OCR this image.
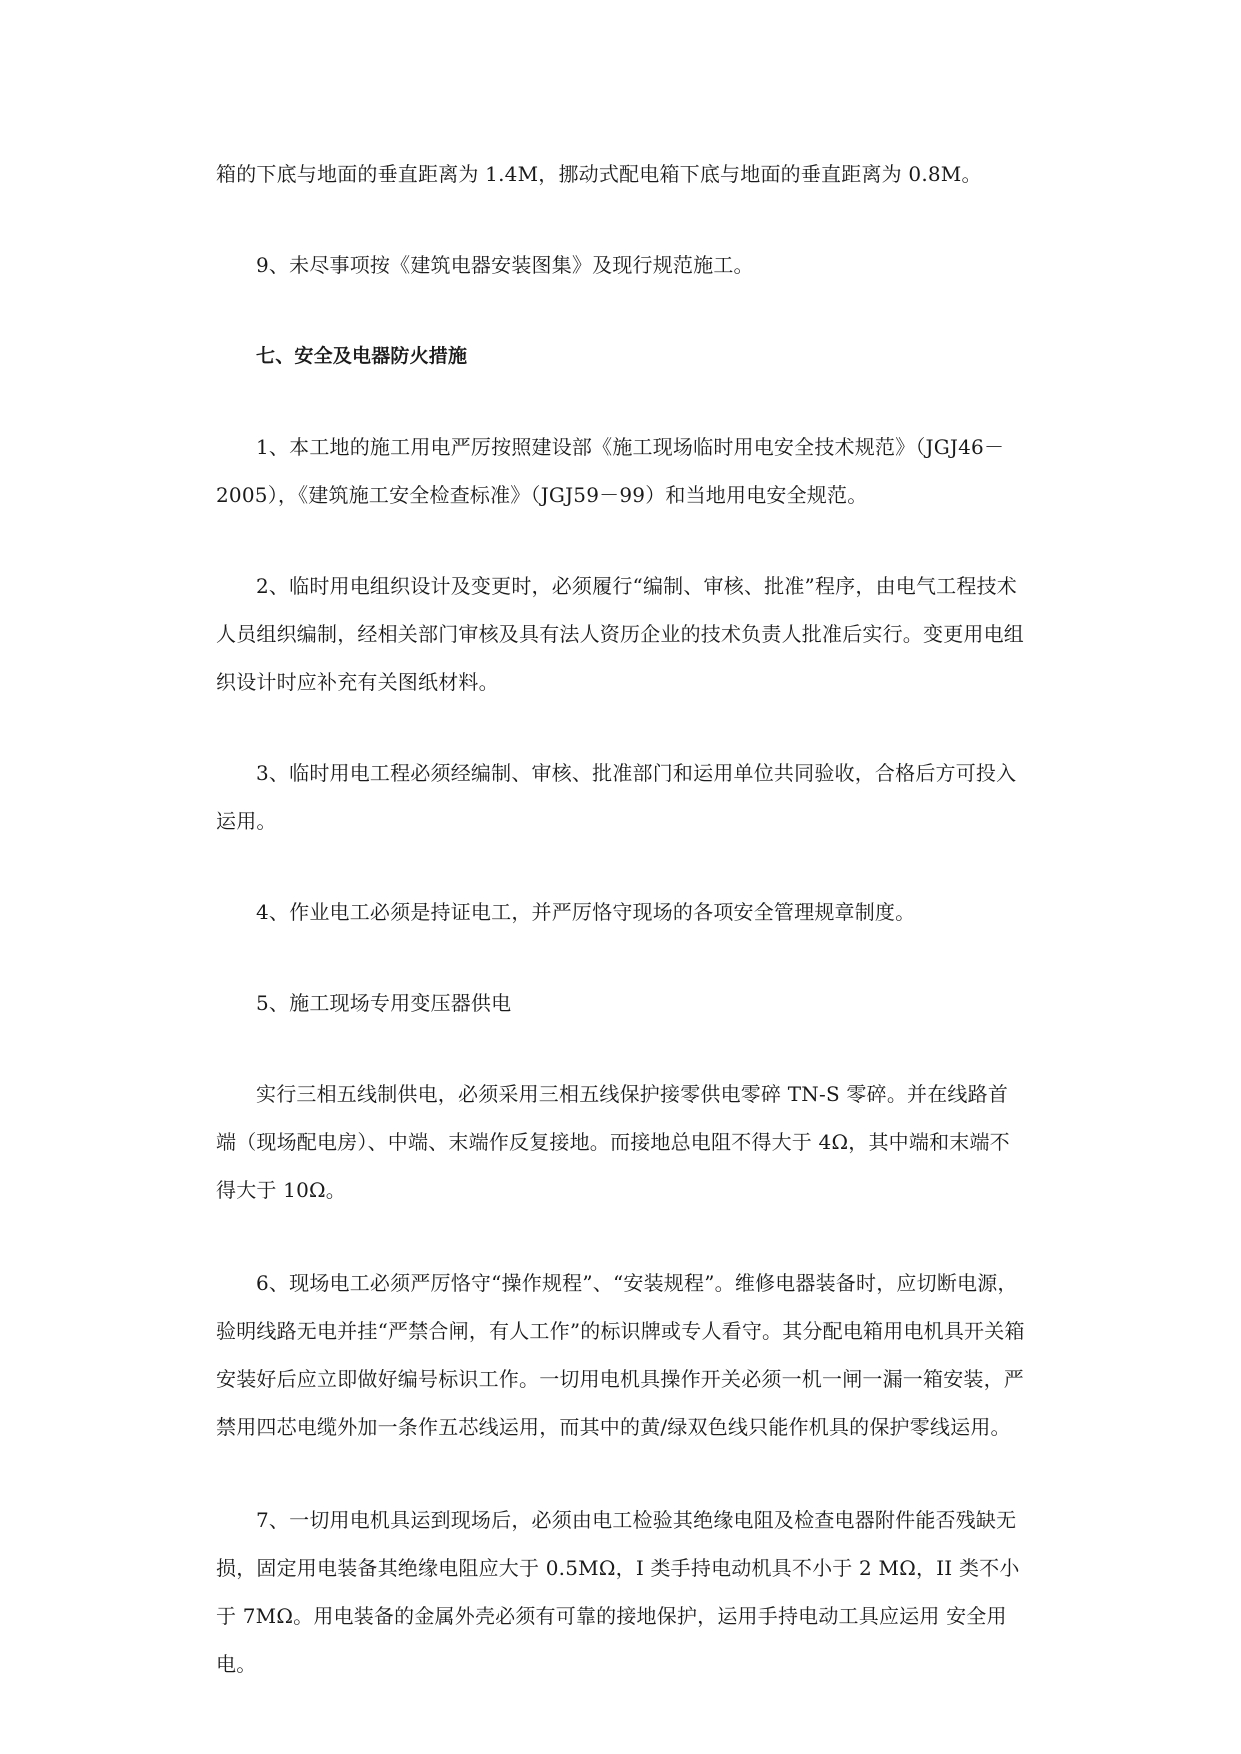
箱的下底与地面的垂直距离为 1.4M，挪动式配电箱下底与地面的垂直距离为 0.8M。

9、未尽事项按《建筑电器安装图集》及现行规范施工。

七、安全及电器防火措施

1、本工地的施工用电严厉按照建设部《施工现场临时用电安全技术规范》（JGJ46－2005），《建筑施工安全检查标准》（JGJ59－99）和当地用电安全规范。

2、临时用电组织设计及变更时，必须履行“编制、审核、批准”程序，由电气工程技术人员组织编制，经相关部门审核及具有法人资历企业的技术负责人批准后实行。变更用电组织设计时应补充有关图纸材料。

3、临时用电工程必须经编制、审核、批准部门和运用单位共同验收，合格后方可投入运用。

4、作业电工必须是持证电工，并严厉恪守现场的各项安全管理规章制度。

5、施工现场专用变压器供电

实行三相五线制供电，必须采用三相五线保护接零供电零碎 TN-S 零碎。并在线路首端（现场配电房）、中端、末端作反复接地。而接地总电阻不得大于 4Ω，其中端和末端不得大于 10Ω。

6、现场电工必须严厉恪守“操作规程”、“安装规程”。维修电器装备时，应切断电源，验明线路无电并挂“严禁合闸，有人工作”的标识牌或专人看守。其分配电箱用电机具开关箱安装好后应立即做好编号标识工作。一切用电机具操作开关必须一机一闸一漏一箱安装，严禁用四芯电缆外加一条作五芯线运用，而其中的黄/绿双色线只能作机具的保护零线运用。

7、一切用电机具运到现场后，必须由电工检验其绝缘电阻及检查电器附件能否残缺无损，固定用电装备其绝缘电阻应大于 0.5MΩ，I 类手持电动机具不小于 2 MΩ，II 类不小于 7MΩ。用电装备的金属外壳必须有可靠的接地保护，运用手持电动工具应运用 安全用电。
